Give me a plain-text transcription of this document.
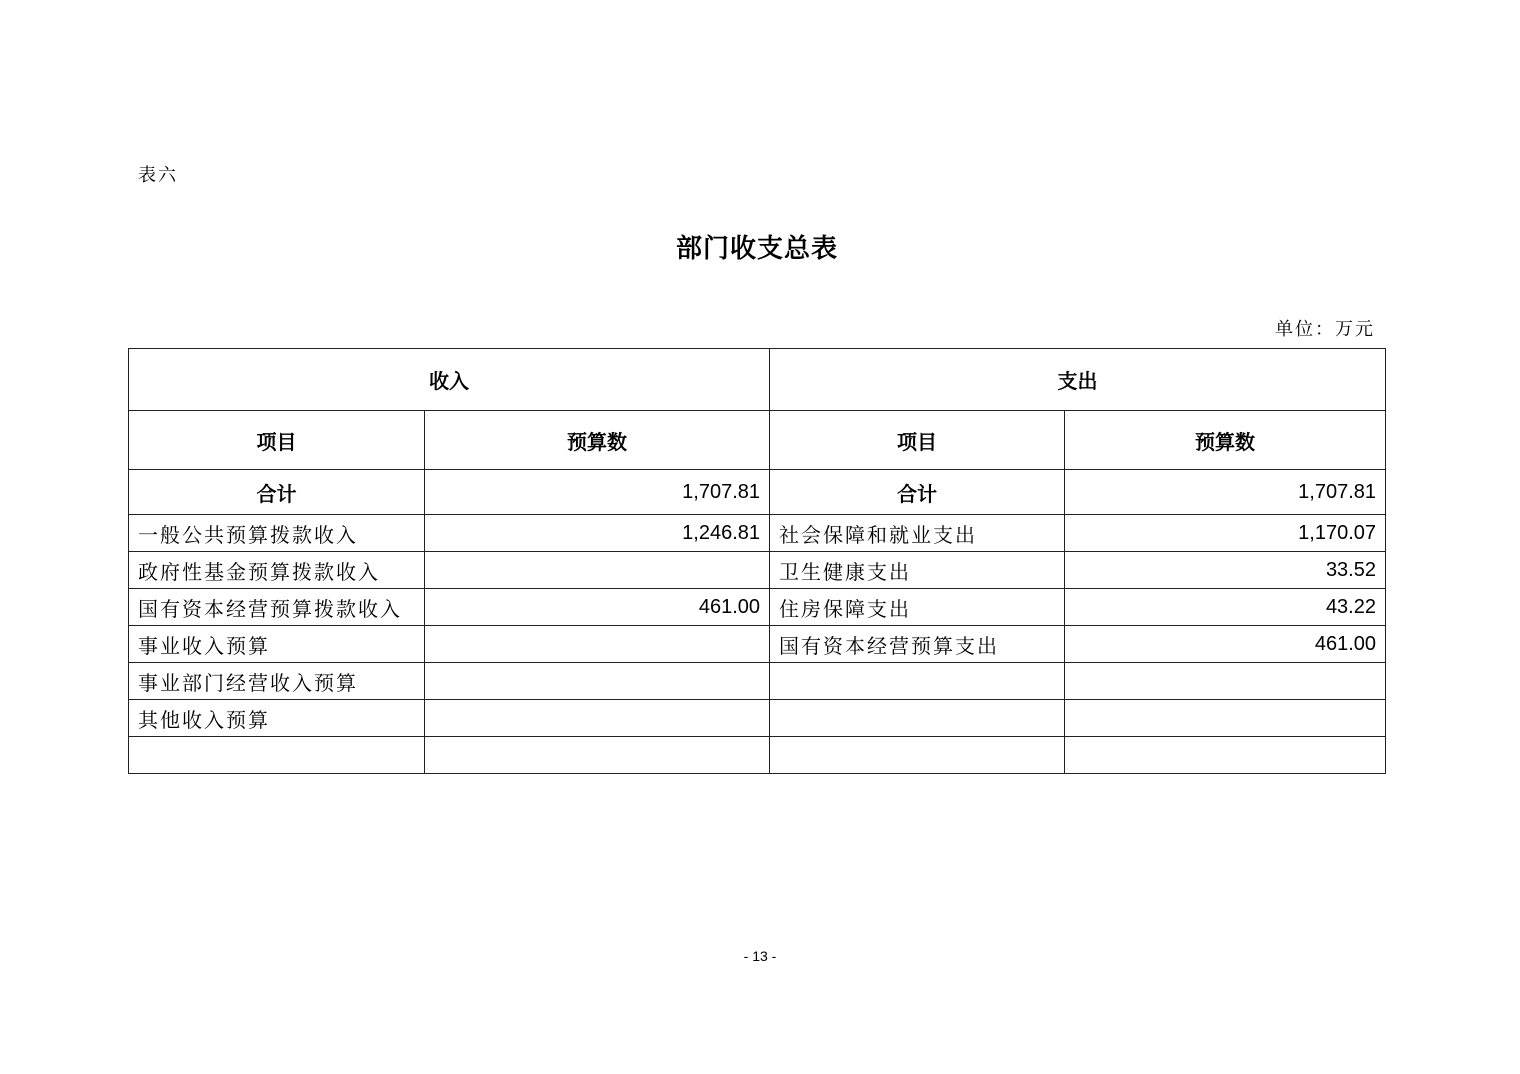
表六
部门收支总表
单位：万元
收入		支出	
项目	预算数	项目	预算数
合计	1,707.81	合计	1,707.81
一般公共预算拨款收入	1,246.81	社会保障和就业支出	1,170.07
政府性基金预算拨款收入		卫生健康支出	33.52
国有资本经营预算拨款收入	461.00	住房保障支出	43.22
事业收入预算		国有资本经营预算支出	461.00
事业部门经营收入预算			
其他收入预算			

- 13 -
